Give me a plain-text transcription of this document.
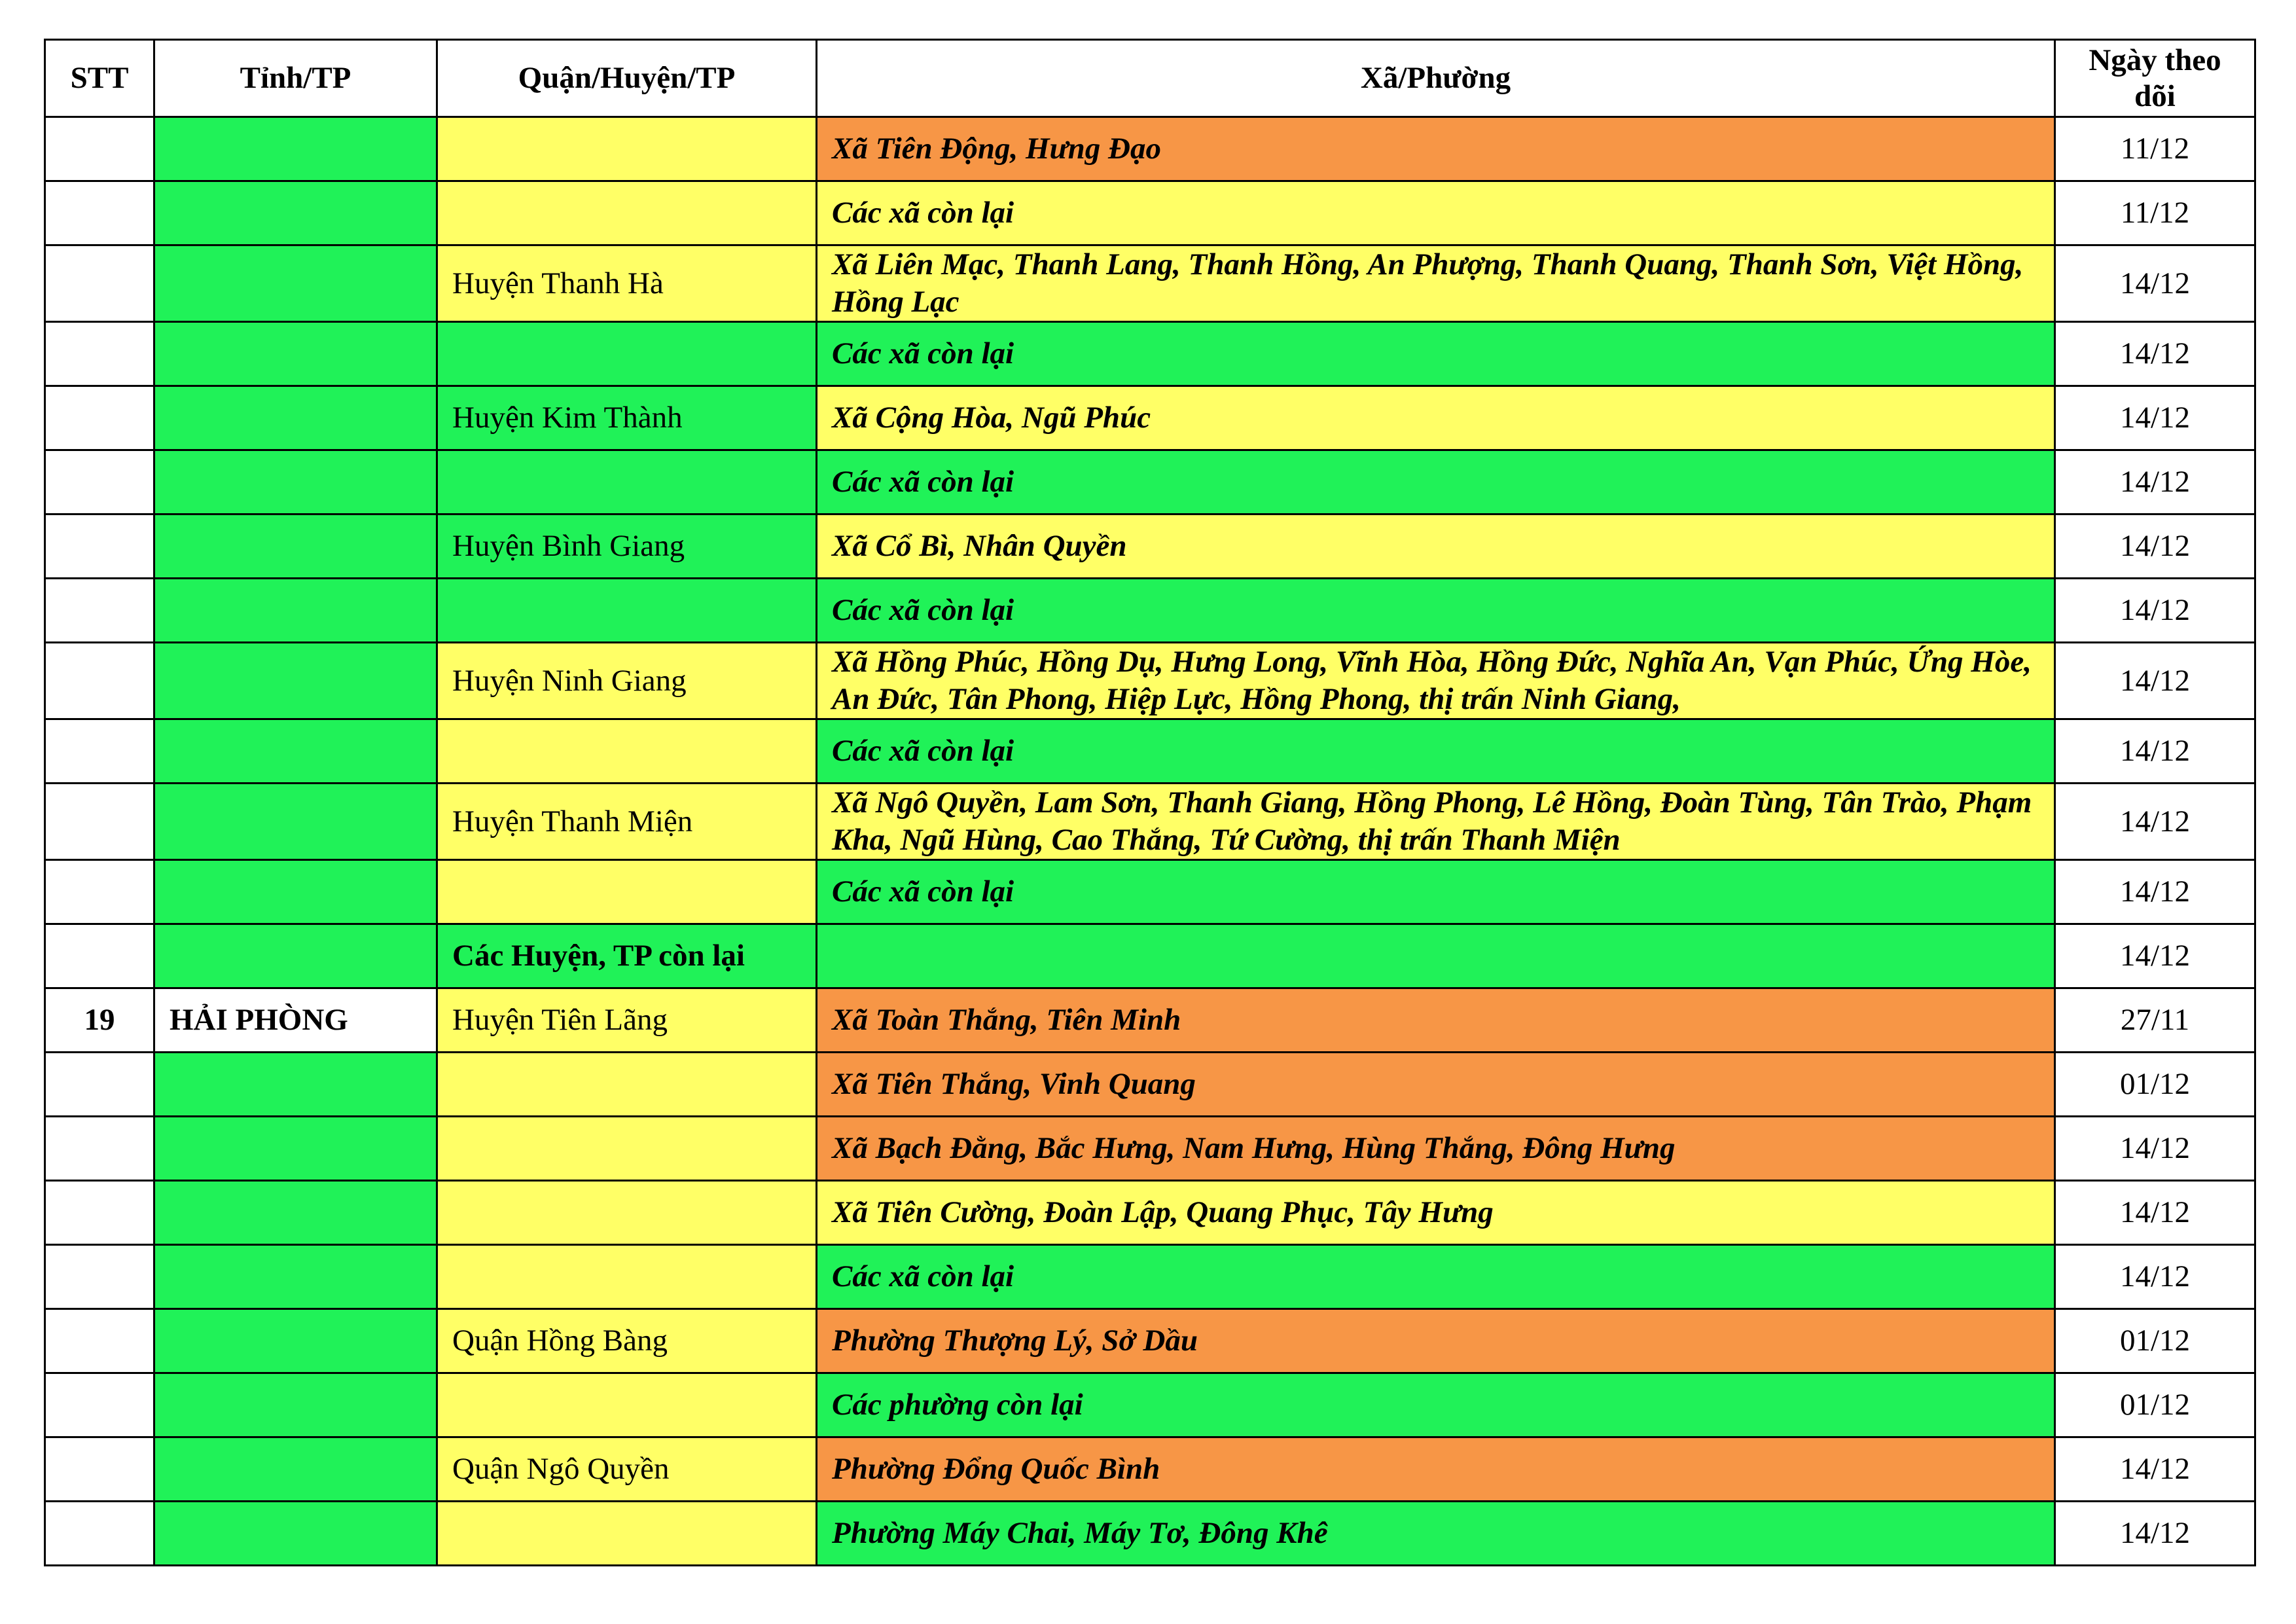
STT	Tỉnh/TP	Quận/Huyện/TP	Xã/Phường	Ngày theo dõi
			Xã Tiên Động, Hưng Đạo	11/12
			Các xã còn lại	11/12
		Huyện Thanh Hà	Xã Liên Mạc, Thanh Lang, Thanh Hồng, An Phượng, Thanh Quang, Thanh Sơn, Việt Hồng, Hồng Lạc	14/12
			Các xã còn lại	14/12
		Huyện Kim Thành	Xã Cộng Hòa, Ngũ Phúc	14/12
			Các xã còn lại	14/12
		Huyện Bình Giang	Xã Cổ Bì, Nhân Quyền	14/12
			Các xã còn lại	14/12
		Huyện Ninh Giang	Xã Hồng Phúc, Hồng Dụ, Hưng Long, Vĩnh Hòa, Hồng Đức, Nghĩa An, Vạn Phúc, Ứng Hòe, An Đức, Tân Phong, Hiệp Lực, Hồng Phong, thị trấn Ninh Giang,	14/12
			Các xã còn lại	14/12
		Huyện Thanh Miện	Xã Ngô Quyền, Lam Sơn, Thanh Giang, Hồng Phong, Lê Hồng, Đoàn Tùng, Tân Trào, Phạm Kha, Ngũ Hùng, Cao Thắng, Tứ Cường, thị trấn Thanh Miện	14/12
			Các xã còn lại	14/12
		Các Huyện, TP còn lại		14/12
19	HẢI PHÒNG	Huyện Tiên Lãng	Xã Toàn Thắng, Tiên Minh	27/11
			Xã Tiên Thắng, Vinh Quang	01/12
			Xã Bạch Đằng, Bắc Hưng, Nam Hưng, Hùng Thắng, Đông Hưng	14/12
			Xã Tiên Cường, Đoàn Lập, Quang Phục, Tây Hưng	14/12
			Các xã còn lại	14/12
		Quận Hồng Bàng	Phường Thượng Lý, Sở Dầu	01/12
			Các phường còn lại	01/12
		Quận Ngô Quyền	Phường Đổng Quốc Bình	14/12
			Phường Máy Chai, Máy Tơ, Đông Khê	14/12
